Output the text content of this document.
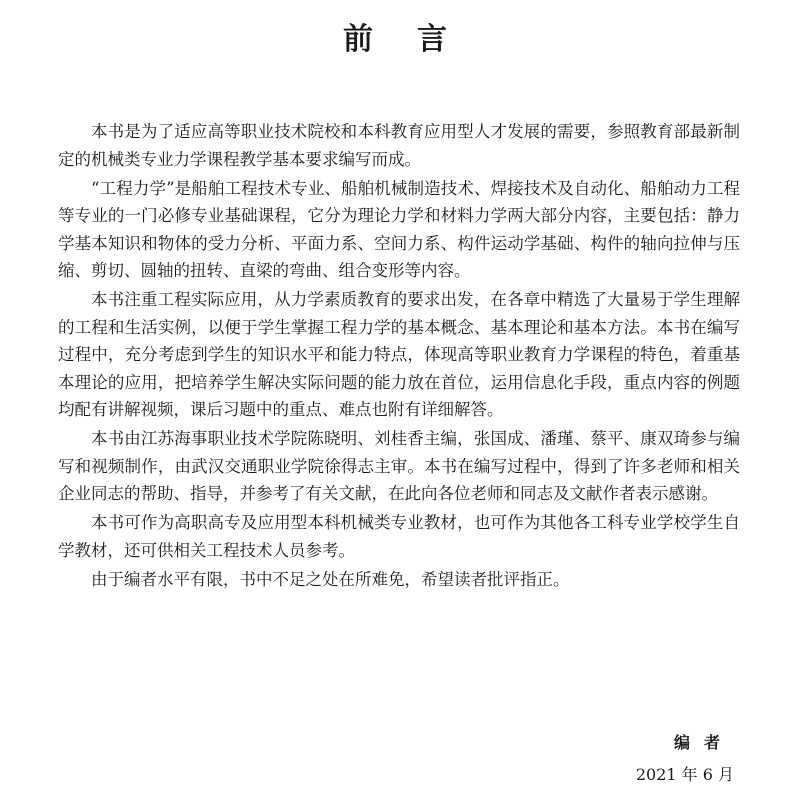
前言

本书是为了适应高等职业技术院校和本科教育应用型人才发展的需要，参照教育部最新制定的机械类专业力学课程教学基本要求编写而成。

“工程力学”是船舶工程技术专业、船舶机械制造技术、焊接技术及自动化、船舶动力工程等专业的一门必修专业基础课程，它分为理论力学和材料力学两大部分内容，主要包括：静力学基本知识和物体的受力分析、平面力系、空间力系、构件运动学基础、构件的轴向拉伸与压缩、剪切、圆轴的扭转、直梁的弯曲、组合变形等内容。

本书注重工程实际应用，从力学素质教育的要求出发，在各章中精选了大量易于学生理解的工程和生活实例，以便于学生掌握工程力学的基本概念、基本理论和基本方法。本书在编写过程中，充分考虑到学生的知识水平和能力特点，体现高等职业教育力学课程的特色，着重基本理论的应用，把培养学生解决实际问题的能力放在首位，运用信息化手段，重点内容的例题均配有讲解视频，课后习题中的重点、难点也附有详细解答。

本书由江苏海事职业技术学院陈晓明、刘桂香主编，张国成、潘瑾、蔡平、康双琦参与编写和视频制作，由武汉交通职业学院徐得志主审。本书在编写过程中，得到了许多老师和相关企业同志的帮助、指导，并参考了有关文献，在此向各位老师和同志及文献作者表示感谢。

本书可作为高职高专及应用型本科机械类专业教材，也可作为其他各工科专业学校学生自学教材，还可供相关工程技术人员参考。

由于编者水平有限，书中不足之处在所难免，希望读者批评指正。

编者

2021 年 6 月
